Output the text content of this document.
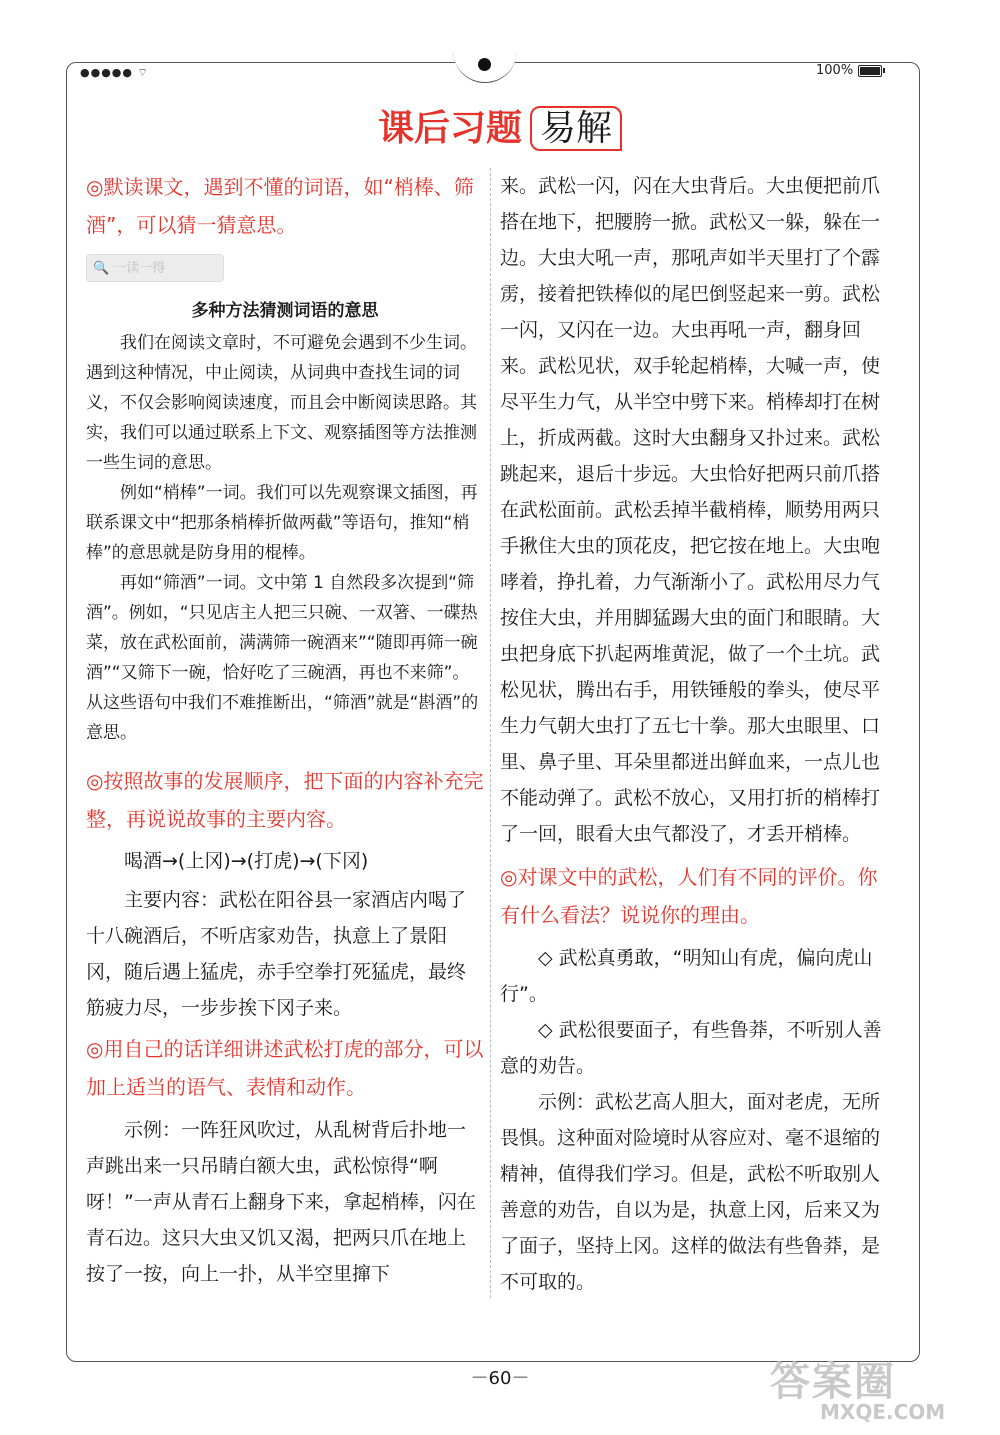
●●●●● ⌔	100%
课后习题 易解

◎默读课文，遇到不懂的词语，如“梢棒、筛酒”，可以猜一猜意思。

🔍 一读一得
多种方法猜测词语的意思

我们在阅读文章时，不可避免会遇到不少生词。遇到这种情况，中止阅读，从词典中查找生词的词义，不仅会影响阅读速度，而且会中断阅读思路。其实，我们可以通过联系上下文、观察插图等方法推测一些生词的意思。

例如“梢棒”一词。我们可以先观察课文插图，再联系课文中“把那条梢棒折做两截”等语句，推知“梢棒”的意思就是防身用的棍棒。

再如“筛酒”一词。文中第 1 自然段多次提到“筛酒”。例如，“只见店主人把三只碗、一双箸、一碟热菜，放在武松面前，满满筛一碗酒来”“随即再筛一碗酒”“又筛下一碗，恰好吃了三碗酒，再也不来筛”。从这些语句中我们不难推断出，“筛酒”就是“斟酒”的意思。

◎按照故事的发展顺序，把下面的内容补充完整，再说说故事的主要内容。

喝酒→(上冈)→(打虎)→(下冈)

主要内容：武松在阳谷县一家酒店内喝了十八碗酒后，不听店家劝告，执意上了景阳冈，随后遇上猛虎，赤手空拳打死猛虎，最终筋疲力尽，一步步挨下冈子来。

◎用自己的话详细讲述武松打虎的部分，可以加上适当的语气、表情和动作。

示例：一阵狂风吹过，从乱树背后扑地一声跳出来一只吊睛白额大虫，武松惊得“啊呀！”一声从青石上翻身下来，拿起梢棒，闪在青石边。这只大虫又饥又渴，把两只爪在地上按了一按，向上一扑，从半空里撺下

来。武松一闪，闪在大虫背后。大虫便把前爪搭在地下，把腰胯一掀。武松又一躲，躲在一边。大虫大吼一声，那吼声如半天里打了个霹雳，接着把铁棒似的尾巴倒竖起来一剪。武松一闪，又闪在一边。大虫再吼一声，翻身回来。武松见状，双手轮起梢棒，大喊一声，使尽平生力气，从半空中劈下来。梢棒却打在树上，折成两截。这时大虫翻身又扑过来。武松跳起来，退后十步远。大虫恰好把两只前爪搭在武松面前。武松丢掉半截梢棒，顺势用两只手揪住大虫的顶花皮，把它按在地上。大虫咆哮着，挣扎着，力气渐渐小了。武松用尽力气按住大虫，并用脚猛踢大虫的面门和眼睛。大虫把身底下扒起两堆黄泥，做了一个土坑。武松见状，腾出右手，用铁锤般的拳头，使尽平生力气朝大虫打了五七十拳。那大虫眼里、口里、鼻子里、耳朵里都迸出鲜血来，一点儿也不能动弹了。武松不放心，又用打折的梢棒打了一回，眼看大虫气都没了，才丢开梢棒。

◎对课文中的武松，人们有不同的评价。你有什么看法？说说你的理由。

◇ 武松真勇敢，“明知山有虎，偏向虎山行”。

◇ 武松很要面子，有些鲁莽，不听别人善意的劝告。

示例：武松艺高人胆大，面对老虎，无所畏惧。这种面对险境时从容应对、毫不退缩的精神，值得我们学习。但是，武松不听取别人善意的劝告，自以为是，执意上冈，后来又为了面子，坚持上冈。这样的做法有些鲁莽，是不可取的。

－60－	答案圈
MXQE.COM
